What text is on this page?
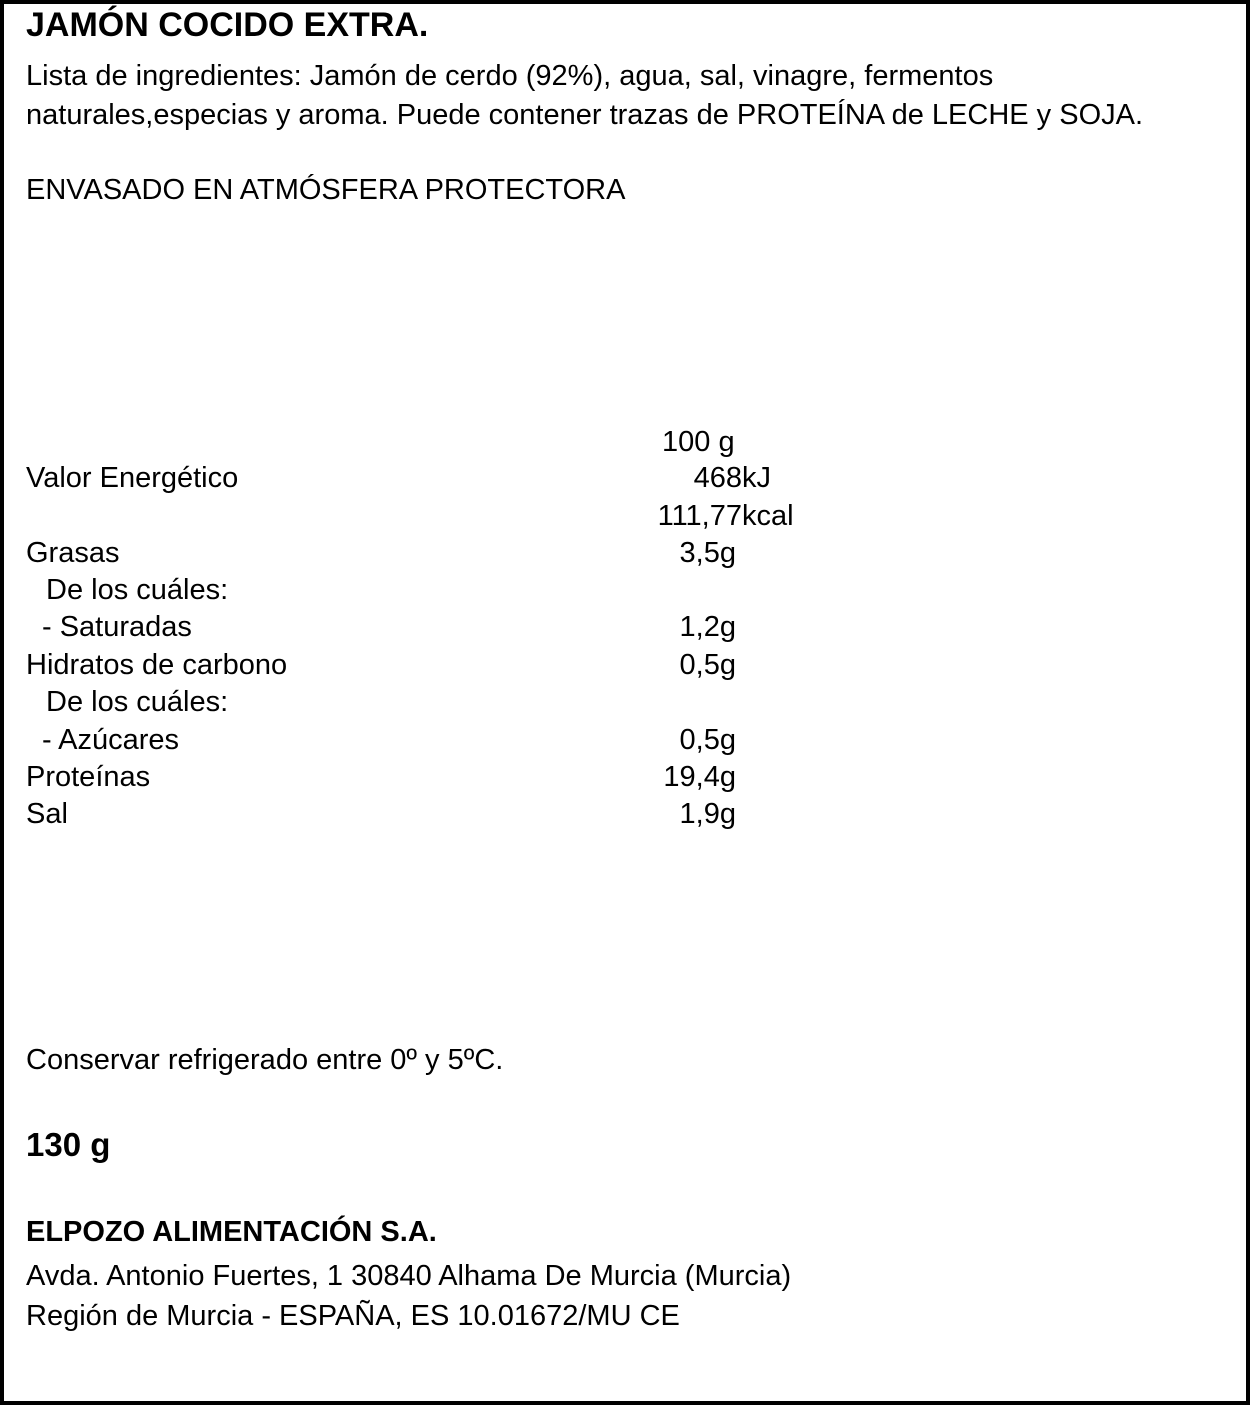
JAMÓN COCIDO EXTRA.
Lista de ingredientes: Jamón de cerdo (92%), agua, sal, vinagre, fermentos naturales,especias y aroma. Puede contener trazas de PROTEÍNA de LECHE y SOJA.
ENVASADO EN ATMÓSFERA PROTECTORA
100 g
Valor Energético	468 kJ
111,77 kcal
Grasas	3,5g
De los cuáles:
- Saturadas	1,2g
Hidratos de carbono	0,5g
De los cuáles:
- Azúcares	0,5g
Proteínas	19,4g
Sal	1,9g
Conservar refrigerado entre 0º y 5ºC.
130 g
ELPOZO ALIMENTACIÓN S.A.
Avda. Antonio Fuertes, 1 30840 Alhama De Murcia (Murcia)
Región de Murcia - ESPAÑA, ES 10.01672/MU CE
